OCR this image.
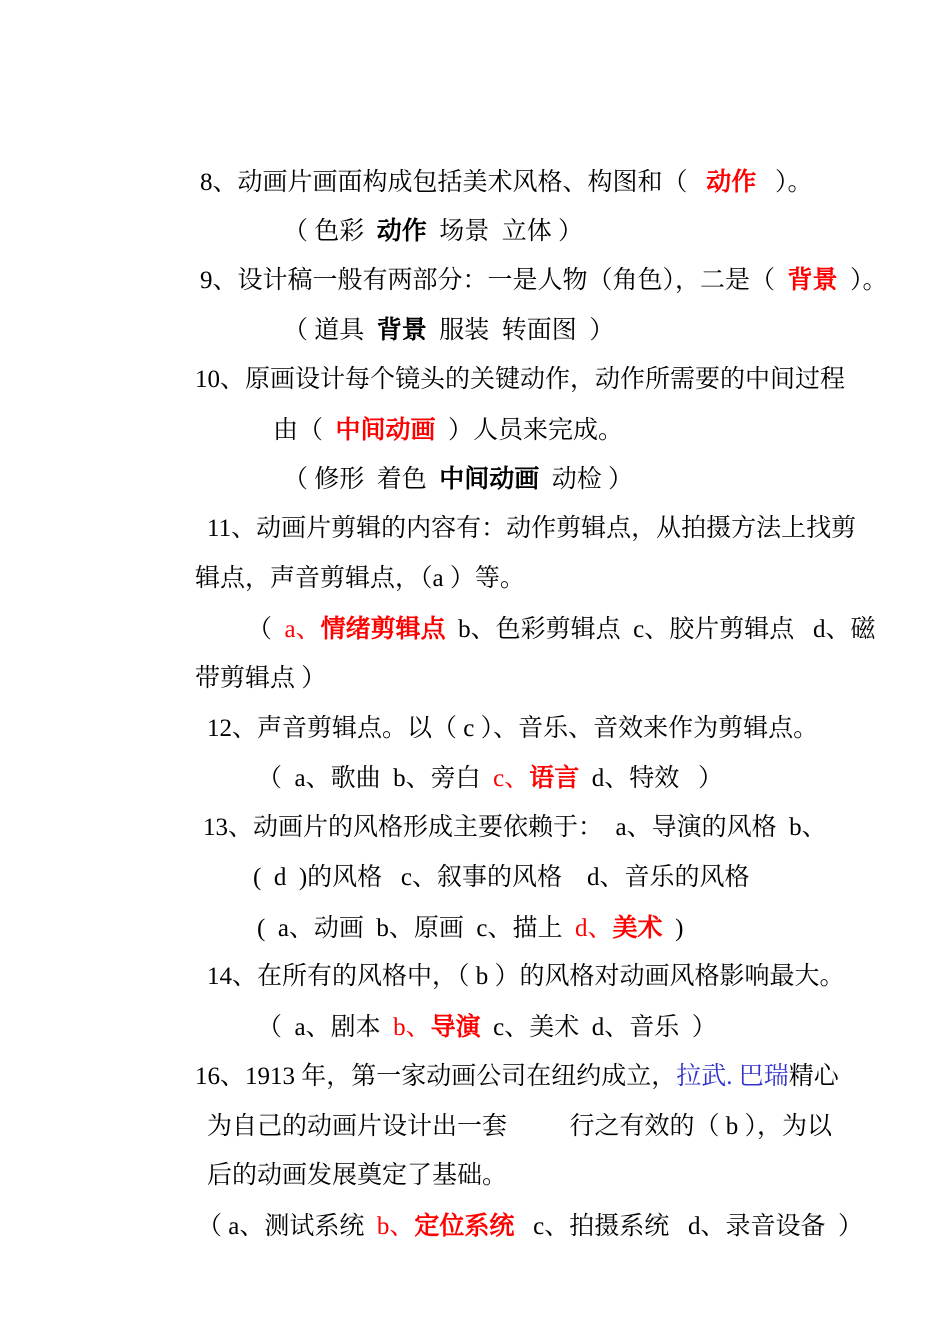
8、动画片画面构成包括美术风格、构图和（   动作   ）。

（ 色彩  动作  场景  立体 ）

9、设计稿一般有两部分：一是人物（角色），二是（  背景  ）。

（ 道具  背景  服装  转面图  ）

10、原画设计每个镜头的关键动作，动作所需要的中间过程

由（  中间动画  ）人员来完成。

（ 修形  着色  中间动画  动检 ）

11、动画片剪辑的内容有：动作剪辑点，从拍摄方法上找剪

辑点，声音剪辑点，（a ）等。

（  a、情绪剪辑点  b、色彩剪辑点  c、胶片剪辑点   d、磁

带剪辑点 ）

12、声音剪辑点。以（ c ）、音乐、音效来作为剪辑点。

（  a、歌曲  b、旁白  c、语言  d、特效   ）

13、动画片的风格形成主要依赖于：  a、导演的风格  b、

(  d  )的风格   c、叙事的风格    d、音乐的风格

(  a、动画  b、原画  c、描上  d、美术  )

14、在所有的风格中，（ b ）的风格对动画风格影响最大。

（  a、剧本  b、导演  c、美术  d、音乐  ）

16、1913 年，第一家动画公司在纽约成立，拉武. 巴瑞精心

为自己的动画片设计出一套          行之有效的（ b ），为以

后的动画发展奠定了基础。

（ a、测试系统  b、定位系统   c、拍摄系统   d、录音设备  ）
